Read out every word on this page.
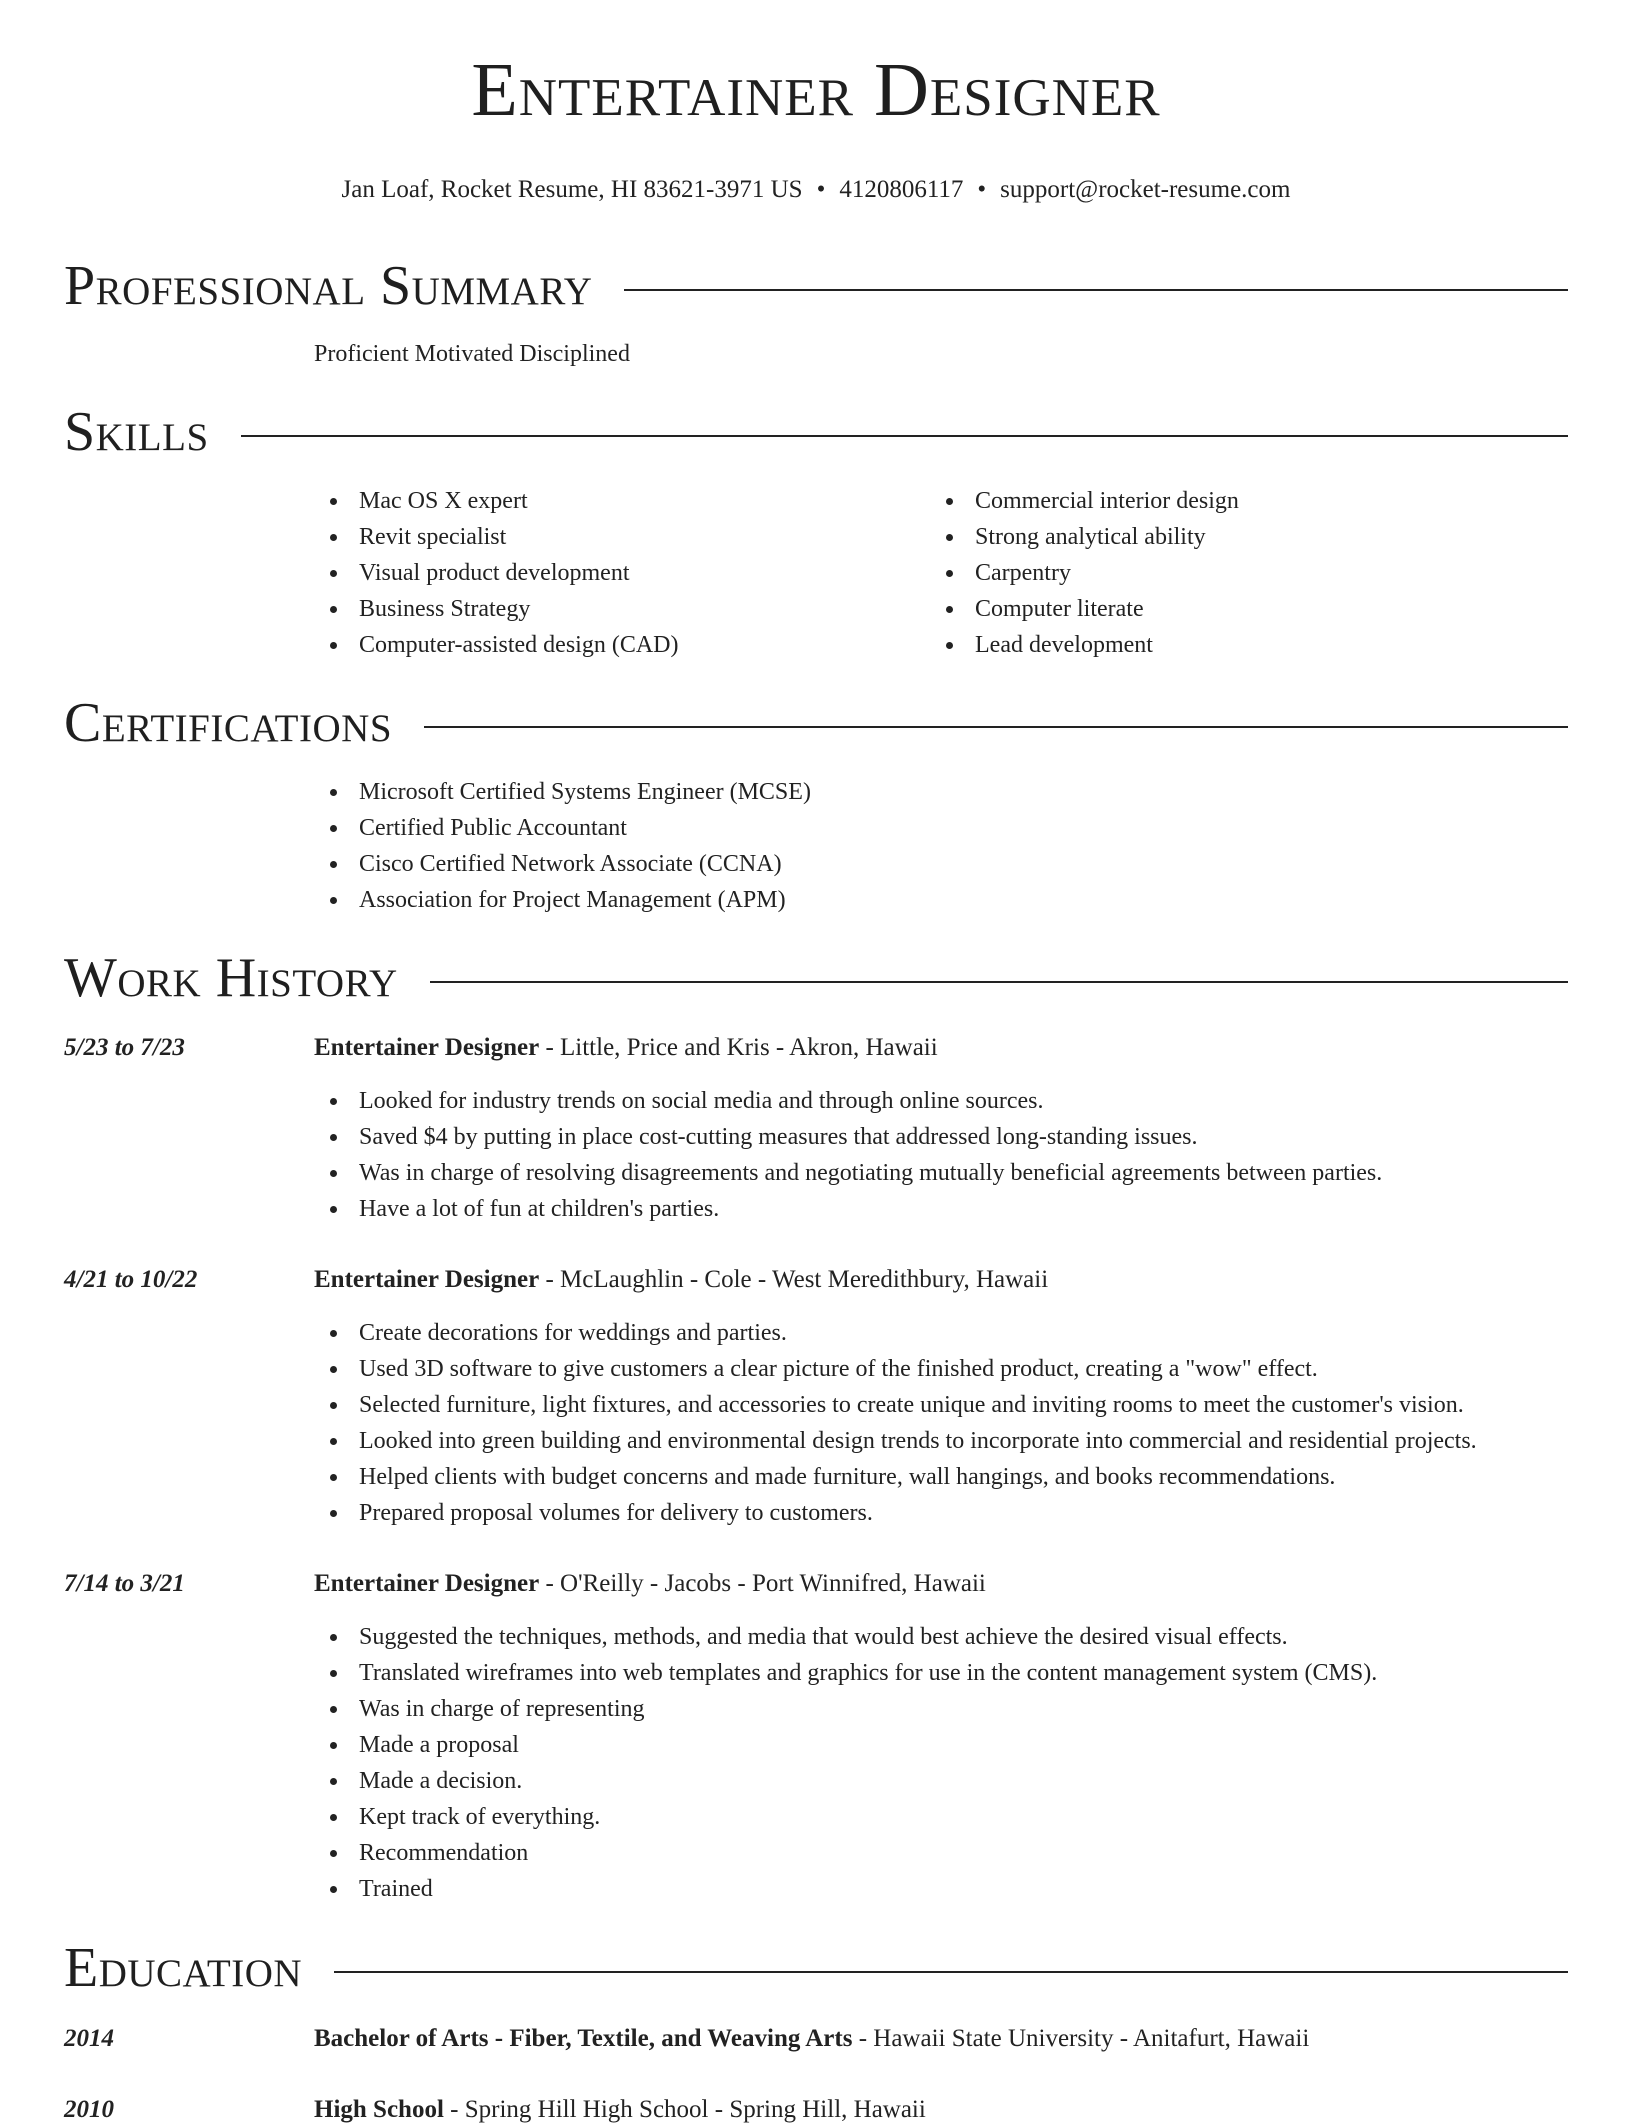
Entertainer Designer
Jan Loaf, Rocket Resume, HI 83621-3971 US • 4120806117 • support@rocket-resume.com
Professional Summary
Proficient Motivated Disciplined
Skills
Mac OS X expert
Revit specialist
Visual product development
Business Strategy
Computer-assisted design (CAD)
Commercial interior design
Strong analytical ability
Carpentry
Computer literate
Lead development
Certifications
Microsoft Certified Systems Engineer (MCSE)
Certified Public Accountant
Cisco Certified Network Associate (CCNA)
Association for Project Management (APM)
Work History
5/23 to 7/23	Entertainer Designer - Little, Price and Kris - Akron, Hawaii
Looked for industry trends on social media and through online sources.
Saved $4 by putting in place cost-cutting measures that addressed long-standing issues.
Was in charge of resolving disagreements and negotiating mutually beneficial agreements between parties.
Have a lot of fun at children's parties.
4/21 to 10/22	Entertainer Designer - McLaughlin - Cole - West Meredithbury, Hawaii
Create decorations for weddings and parties.
Used 3D software to give customers a clear picture of the finished product, creating a "wow" effect.
Selected furniture, light fixtures, and accessories to create unique and inviting rooms to meet the customer's vision.
Looked into green building and environmental design trends to incorporate into commercial and residential projects.
Helped clients with budget concerns and made furniture, wall hangings, and books recommendations.
Prepared proposal volumes for delivery to customers.
7/14 to 3/21	Entertainer Designer - O'Reilly - Jacobs - Port Winnifred, Hawaii
Suggested the techniques, methods, and media that would best achieve the desired visual effects.
Translated wireframes into web templates and graphics for use in the content management system (CMS).
Was in charge of representing
Made a proposal
Made a decision.
Kept track of everything.
Recommendation
Trained
Education
2014	Bachelor of Arts - Fiber, Textile, and Weaving Arts - Hawaii State University - Anitafurt, Hawaii
2010	High School - Spring Hill High School - Spring Hill, Hawaii
